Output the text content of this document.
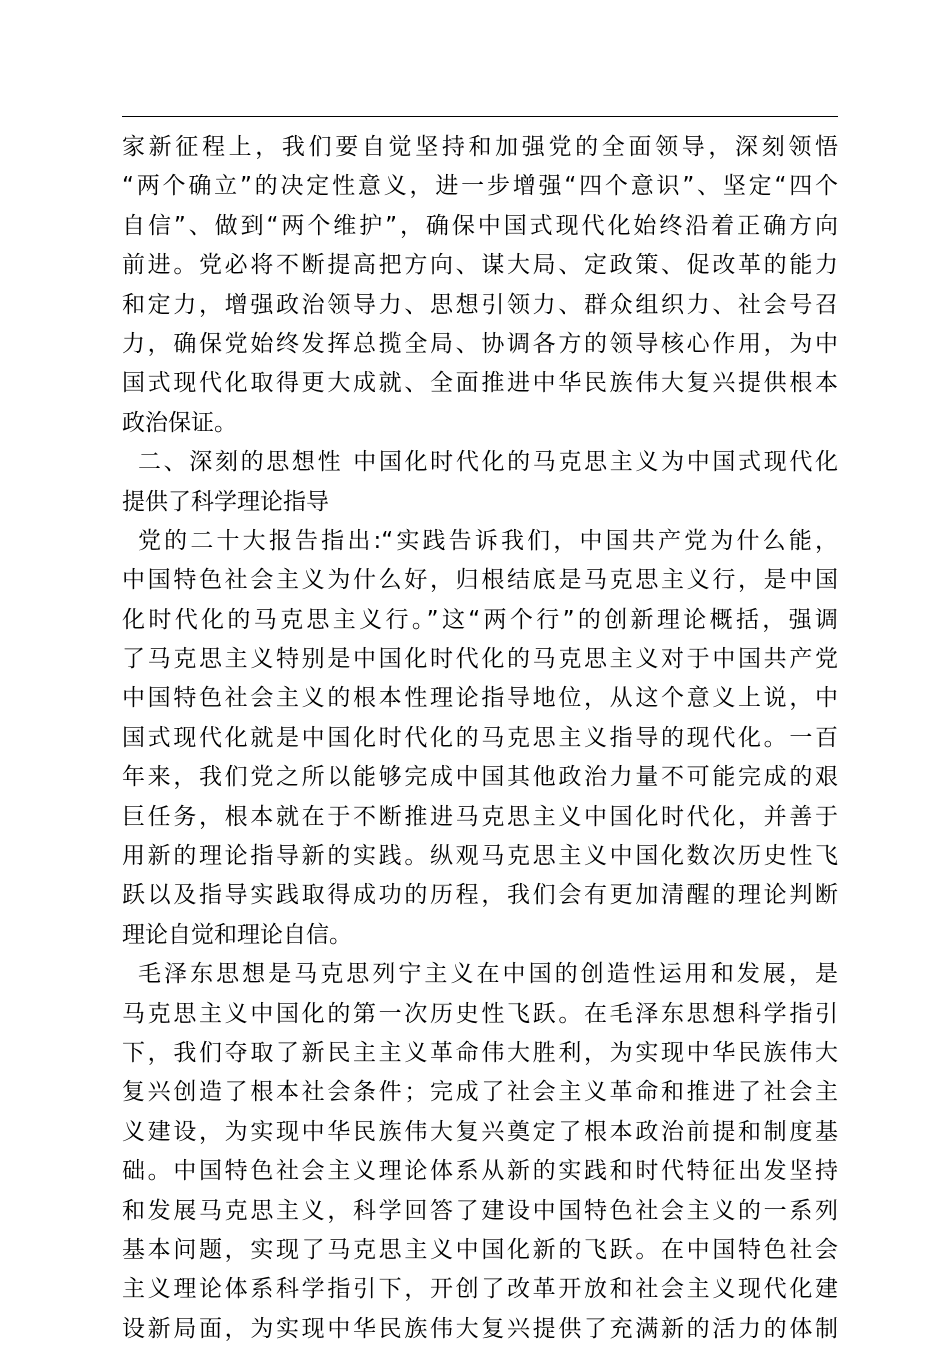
家新征程上，我们要自觉坚持和加强党的全面领导，深刻领悟
“两个确立”的决定性意义，进一步增强“四个意识”、坚定“四个
自信”、做到“两个维护”，确保中国式现代化始终沿着正确方向
前进。党必将不断提高把方向、谋大局、定政策、促改革的能力
和定力，增强政治领导力、思想引领力、群众组织力、社会号召
力，确保党始终发挥总揽全局、协调各方的领导核心作用，为中
国式现代化取得更大成就、全面推进中华民族伟大复兴提供根本
政治保证。
二、深刻的思想性 中国化时代化的马克思主义为中国式现代化
提供了科学理论指导
党的二十大报告指出:“实践告诉我们，中国共产党为什么能，
中国特色社会主义为什么好，归根结底是马克思主义行，是中国
化时代化的马克思主义行。”这“两个行”的创新理论概括，强调
了马克思主义特别是中国化时代化的马克思主义对于中国共产党
中国特色社会主义的根本性理论指导地位，从这个意义上说，中
国式现代化就是中国化时代化的马克思主义指导的现代化。一百
年来，我们党之所以能够完成中国其他政治力量不可能完成的艰
巨任务，根本就在于不断推进马克思主义中国化时代化，并善于
用新的理论指导新的实践。纵观马克思主义中国化数次历史性飞
跃以及指导实践取得成功的历程，我们会有更加清醒的理论判断
理论自觉和理论自信。
毛泽东思想是马克思列宁主义在中国的创造性运用和发展，是
马克思主义中国化的第一次历史性飞跃。在毛泽东思想科学指引
下，我们夺取了新民主主义革命伟大胜利，为实现中华民族伟大
复兴创造了根本社会条件；完成了社会主义革命和推进了社会主
义建设，为实现中华民族伟大复兴奠定了根本政治前提和制度基
础。中国特色社会主义理论体系从新的实践和时代特征出发坚持
和发展马克思主义，科学回答了建设中国特色社会主义的一系列
基本问题，实现了马克思主义中国化新的飞跃。在中国特色社会
主义理论体系科学指引下，开创了改革开放和社会主义现代化建
设新局面，为实现中华民族伟大复兴提供了充满新的活力的体制
